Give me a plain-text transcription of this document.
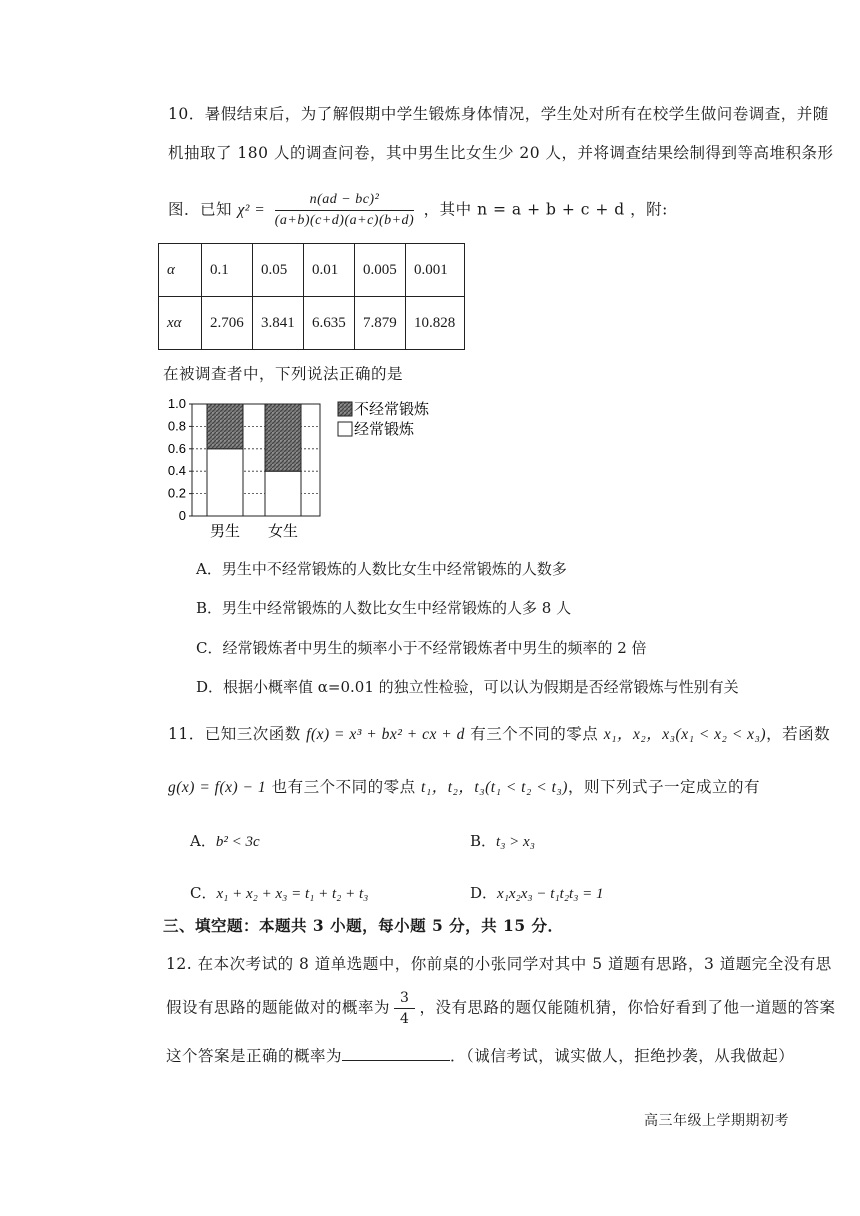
10．暑假结束后，为了解假期中学生锻炼身体情况，学生处对所有在校学生做问卷调查，并随
机抽取了 180 人的调查问卷，其中男生比女生少 20 人，并将调查结果绘制得到等高堆积条形
图．已知 $\chi^2 = \frac{\text{n(ad − bc)²}}{(a+b)(c+d)(a+c)(b+d)}$ ，其中 n = a + b + c + d ，附:
α	0.1	0.05	0.01	0.005	0.001
xα	2.706	3.841	6.635	7.879	10.828
在被调查者中，下列说法正确的是
0
0.2
0.4
0.6
0.8
1.0
男生 女生
不经常锻炼
经常锻炼
A．男生中不经常锻炼的人数比女生中经常锻炼的人数多
B．男生中经常锻炼的人数比女生中经常锻炼的人多 8 人
C．经常锻炼者中男生的频率小于不经常锻炼者中男生的频率的 2 倍
D．根据小概率值 α=0.01 的独立性检验，可以认为假期是否经常锻炼与性别有关
11．已知三次函数 f(x) = x³ + bx² + cx + d 有三个不同的零点 x₁，x₂，x₃(x₁ < x₂ < x₃)，若函数
g(x) = f(x) − 1 也有三个不同的零点 t₁，t₂，t₃(t₁ < t₂ < t₃)，则下列式子一定成立的有
A．b² < 3c	B．t₃ > x₃
C．x₁ + x₂ + x₃ = t₁ + t₂ + t₃	D．x₁x₂x₃ − t₁t₂t₃ = 1
三、填空题：本题共 3 小题，每小题 5 分，共 15 分．
12. 在本次考试的 8 道单选题中，你前桌的小张同学对其中 5 道题有思路，3 道题完全没有思
假设有思路的题能做对的概率为 $\frac{3}{4}$ ，没有思路的题仅能随机猜，你恰好看到了他一道题的答案
这个答案是正确的概率为	．（诚信考试，诚实做人，拒绝抄袭，从我做起）
高三年级上学期期初考
